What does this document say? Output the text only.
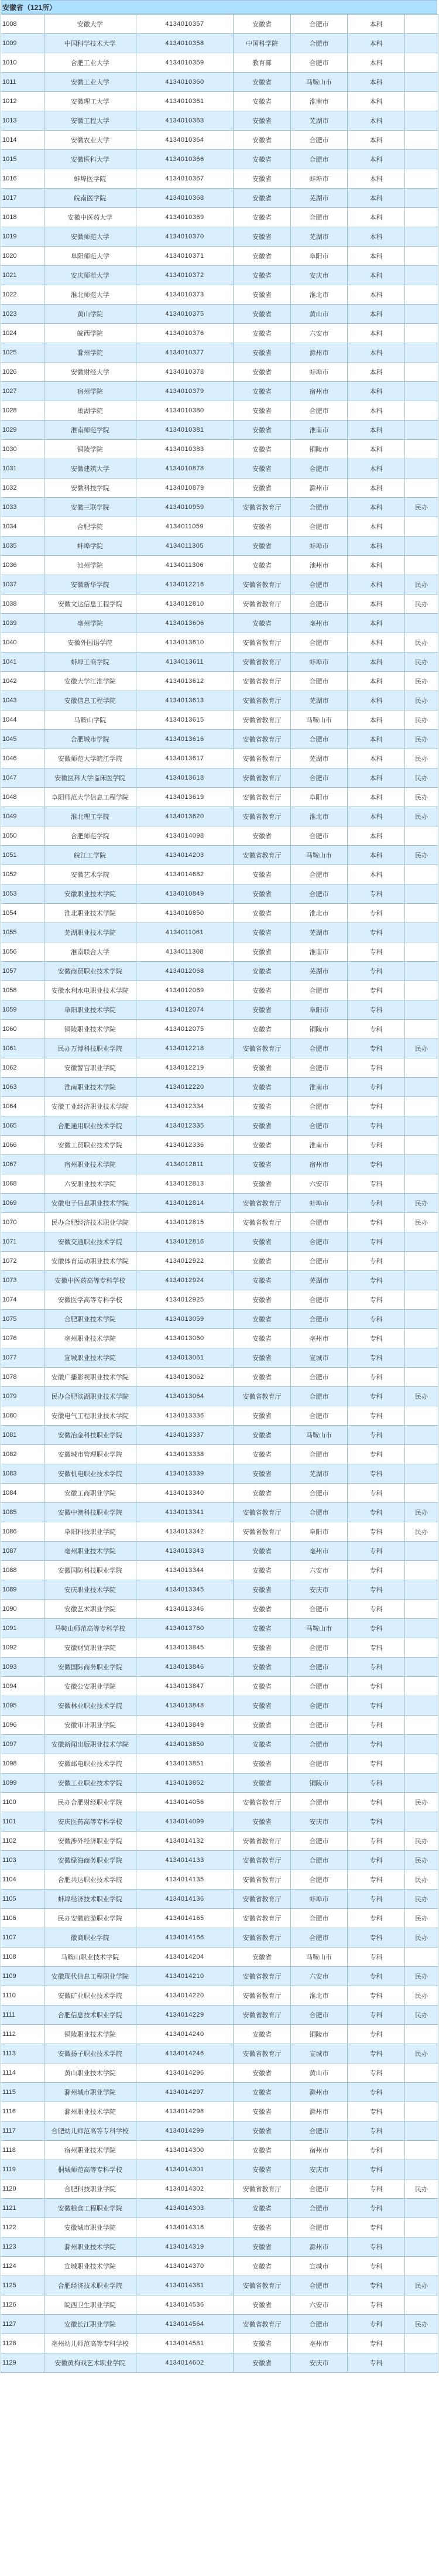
安徽省（121所）
1008	安徽大学	4134010357	安徽省	合肥市	本科	
1009	中国科学技术大学	4134010358	中国科学院	合肥市	本科	
1010	合肥工业大学	4134010359	教育部	合肥市	本科	
1011	安徽工业大学	4134010360	安徽省	马鞍山市	本科	
1012	安徽理工大学	4134010361	安徽省	淮南市	本科	
1013	安徽工程大学	4134010363	安徽省	芜湖市	本科	
1014	安徽农业大学	4134010364	安徽省	合肥市	本科	
1015	安徽医科大学	4134010366	安徽省	合肥市	本科	
1016	蚌埠医学院	4134010367	安徽省	蚌埠市	本科	
1017	皖南医学院	4134010368	安徽省	芜湖市	本科	
1018	安徽中医药大学	4134010369	安徽省	合肥市	本科	
1019	安徽师范大学	4134010370	安徽省	芜湖市	本科	
1020	阜阳师范大学	4134010371	安徽省	阜阳市	本科	
1021	安庆师范大学	4134010372	安徽省	安庆市	本科	
1022	淮北师范大学	4134010373	安徽省	淮北市	本科	
1023	黄山学院	4134010375	安徽省	黄山市	本科	
1024	皖西学院	4134010376	安徽省	六安市	本科	
1025	滁州学院	4134010377	安徽省	滁州市	本科	
1026	安徽财经大学	4134010378	安徽省	蚌埠市	本科	
1027	宿州学院	4134010379	安徽省	宿州市	本科	
1028	巢湖学院	4134010380	安徽省	合肥市	本科	
1029	淮南师范学院	4134010381	安徽省	淮南市	本科	
1030	铜陵学院	4134010383	安徽省	铜陵市	本科	
1031	安徽建筑大学	4134010878	安徽省	合肥市	本科	
1032	安徽科技学院	4134010879	安徽省	滁州市	本科	
1033	安徽三联学院	4134010959	安徽省教育厅	合肥市	本科	民办
1034	合肥学院	4134011059	安徽省	合肥市	本科	
1035	蚌埠学院	4134011305	安徽省	蚌埠市	本科	
1036	池州学院	4134011306	安徽省	池州市	本科	
1037	安徽新华学院	4134012216	安徽省教育厅	合肥市	本科	民办
1038	安徽文达信息工程学院	4134012810	安徽省教育厅	合肥市	本科	民办
1039	亳州学院	4134013606	安徽省	亳州市	本科	
1040	安徽外国语学院	4134013610	安徽省教育厅	合肥市	本科	民办
1041	蚌埠工商学院	4134013611	安徽省教育厅	蚌埠市	本科	民办
1042	安徽大学江淮学院	4134013612	安徽省教育厅	合肥市	本科	民办
1043	安徽信息工程学院	4134013613	安徽省教育厅	芜湖市	本科	民办
1044	马鞍山学院	4134013615	安徽省教育厅	马鞍山市	本科	民办
1045	合肥城市学院	4134013616	安徽省教育厅	合肥市	本科	民办
1046	安徽师范大学皖江学院	4134013617	安徽省教育厅	芜湖市	本科	民办
1047	安徽医科大学临床医学院	4134013618	安徽省教育厅	合肥市	本科	民办
1048	阜阳师范大学信息工程学院	4134013619	安徽省教育厅	阜阳市	本科	民办
1049	淮北理工学院	4134013620	安徽省教育厅	淮北市	本科	民办
1050	合肥师范学院	4134014098	安徽省	合肥市	本科	
1051	皖江工学院	4134014203	安徽省教育厅	马鞍山市	本科	民办
1052	安徽艺术学院	4134014682	安徽省	合肥市	本科	
1053	安徽职业技术学院	4134010849	安徽省	合肥市	专科	
1054	淮北职业技术学院	4134010850	安徽省	淮北市	专科	
1055	芜湖职业技术学院	4134011061	安徽省	芜湖市	专科	
1056	淮南联合大学	4134011308	安徽省	淮南市	专科	
1057	安徽商贸职业技术学院	4134012068	安徽省	芜湖市	专科	
1058	安徽水利水电职业技术学院	4134012069	安徽省	合肥市	专科	
1059	阜阳职业技术学院	4134012074	安徽省	阜阳市	专科	
1060	铜陵职业技术学院	4134012075	安徽省	铜陵市	专科	
1061	民办万博科技职业学院	4134012218	安徽省教育厅	合肥市	专科	民办
1062	安徽警官职业学院	4134012219	安徽省	合肥市	专科	
1063	淮南职业技术学院	4134012220	安徽省	淮南市	专科	
1064	安徽工业经济职业技术学院	4134012334	安徽省	合肥市	专科	
1065	合肥通用职业技术学院	4134012335	安徽省	合肥市	专科	
1066	安徽工贸职业技术学院	4134012336	安徽省	淮南市	专科	
1067	宿州职业技术学院	4134012811	安徽省	宿州市	专科	
1068	六安职业技术学院	4134012813	安徽省	六安市	专科	
1069	安徽电子信息职业技术学院	4134012814	安徽省教育厅	蚌埠市	专科	民办
1070	民办合肥经济技术职业学院	4134012815	安徽省教育厅	合肥市	专科	民办
1071	安徽交通职业技术学院	4134012816	安徽省	合肥市	专科	
1072	安徽体育运动职业技术学院	4134012922	安徽省	合肥市	专科	
1073	安徽中医药高等专科学校	4134012924	安徽省	芜湖市	专科	
1074	安徽医学高等专科学校	4134012925	安徽省	合肥市	专科	
1075	合肥职业技术学院	4134013059	安徽省	合肥市	专科	
1076	亳州职业技术学院	4134013060	安徽省	亳州市	专科	
1077	宣城职业技术学院	4134013061	安徽省	宣城市	专科	
1078	安徽广播影视职业技术学院	4134013062	安徽省	合肥市	专科	
1079	民办合肥滨湖职业技术学院	4134013064	安徽省教育厅	合肥市	专科	民办
1080	安徽电气工程职业技术学院	4134013336	安徽省	合肥市	专科	
1081	安徽冶金科技职业学院	4134013337	安徽省	马鞍山市	专科	
1082	安徽城市管理职业学院	4134013338	安徽省	合肥市	专科	
1083	安徽机电职业技术学院	4134013339	安徽省	芜湖市	专科	
1084	安徽工商职业学院	4134013340	安徽省	合肥市	专科	
1085	安徽中澳科技职业学院	4134013341	安徽省教育厅	合肥市	专科	民办
1086	阜阳科技职业学院	4134013342	安徽省教育厅	阜阳市	专科	民办
1087	亳州职业技术学院	4134013343	安徽省	亳州市	专科	
1088	安徽国防科技职业学院	4134013344	安徽省	六安市	专科	
1089	安庆职业技术学院	4134013345	安徽省	安庆市	专科	
1090	安徽艺术职业学院	4134013346	安徽省	合肥市	专科	
1091	马鞍山师范高等专科学校	4134013760	安徽省	马鞍山市	专科	
1092	安徽财贸职业学院	4134013845	安徽省	合肥市	专科	
1093	安徽国际商务职业学院	4134013846	安徽省	合肥市	专科	
1094	安徽公安职业学院	4134013847	安徽省	合肥市	专科	
1095	安徽林业职业技术学院	4134013848	安徽省	合肥市	专科	
1096	安徽审计职业学院	4134013849	安徽省	合肥市	专科	
1097	安徽新闻出版职业技术学院	4134013850	安徽省	合肥市	专科	
1098	安徽邮电职业技术学院	4134013851	安徽省	合肥市	专科	
1099	安徽工业职业技术学院	4134013852	安徽省	铜陵市	专科	
1100	民办合肥财经职业学院	4134014056	安徽省教育厅	合肥市	专科	民办
1101	安庆医药高等专科学校	4134014099	安徽省	安庆市	专科	
1102	安徽涉外经济职业学院	4134014132	安徽省教育厅	合肥市	专科	民办
1103	安徽绿海商务职业学院	4134014133	安徽省教育厅	合肥市	专科	民办
1104	合肥共达职业技术学院	4134014135	安徽省教育厅	合肥市	专科	民办
1105	蚌埠经济技术职业学院	4134014136	安徽省教育厅	蚌埠市	专科	民办
1106	民办安徽旅游职业学院	4134014165	安徽省教育厅	合肥市	专科	民办
1107	徽商职业学院	4134014166	安徽省教育厅	合肥市	专科	民办
1108	马鞍山职业技术学院	4134014204	安徽省	马鞍山市	专科	
1109	安徽现代信息工程职业学院	4134014210	安徽省教育厅	六安市	专科	民办
1110	安徽矿业职业技术学院	4134014220	安徽省教育厅	淮北市	专科	民办
1111	合肥信息技术职业学院	4134014229	安徽省教育厅	合肥市	专科	民办
1112	铜陵职业技术学院	4134014240	安徽省	铜陵市	专科	
1113	安徽扬子职业技术学院	4134014246	安徽省教育厅	宣城市	专科	民办
1114	黄山职业技术学院	4134014296	安徽省	黄山市	专科	
1115	滁州城市职业学院	4134014297	安徽省	滁州市	专科	
1116	滁州职业技术学院	4134014298	安徽省	滁州市	专科	
1117	合肥幼儿师范高等专科学校	4134014299	安徽省	合肥市	专科	
1118	宿州职业技术学院	4134014300	安徽省	宿州市	专科	
1119	桐城师范高等专科学校	4134014301	安徽省	安庆市	专科	
1120	合肥科技职业学院	4134014302	安徽省教育厅	合肥市	专科	民办
1121	安徽粮食工程职业学院	4134014303	安徽省	合肥市	专科	
1122	安徽城市职业学院	4134014316	安徽省	合肥市	专科	
1123	滁州职业技术学院	4134014319	安徽省	滁州市	专科	
1124	宣城职业技术学院	4134014370	安徽省	宣城市	专科	
1125	合肥经济技术职业学院	4134014381	安徽省教育厅	合肥市	专科	民办
1126	皖西卫生职业学院	4134014536	安徽省	六安市	专科	
1127	安徽长江职业学院	4134014564	安徽省教育厅	合肥市	专科	民办
1128	亳州幼儿师范高等专科学校	4134014581	安徽省	亳州市	专科	
1129	安徽黄梅戏艺术职业学院	4134014602	安徽省	安庆市	专科	
